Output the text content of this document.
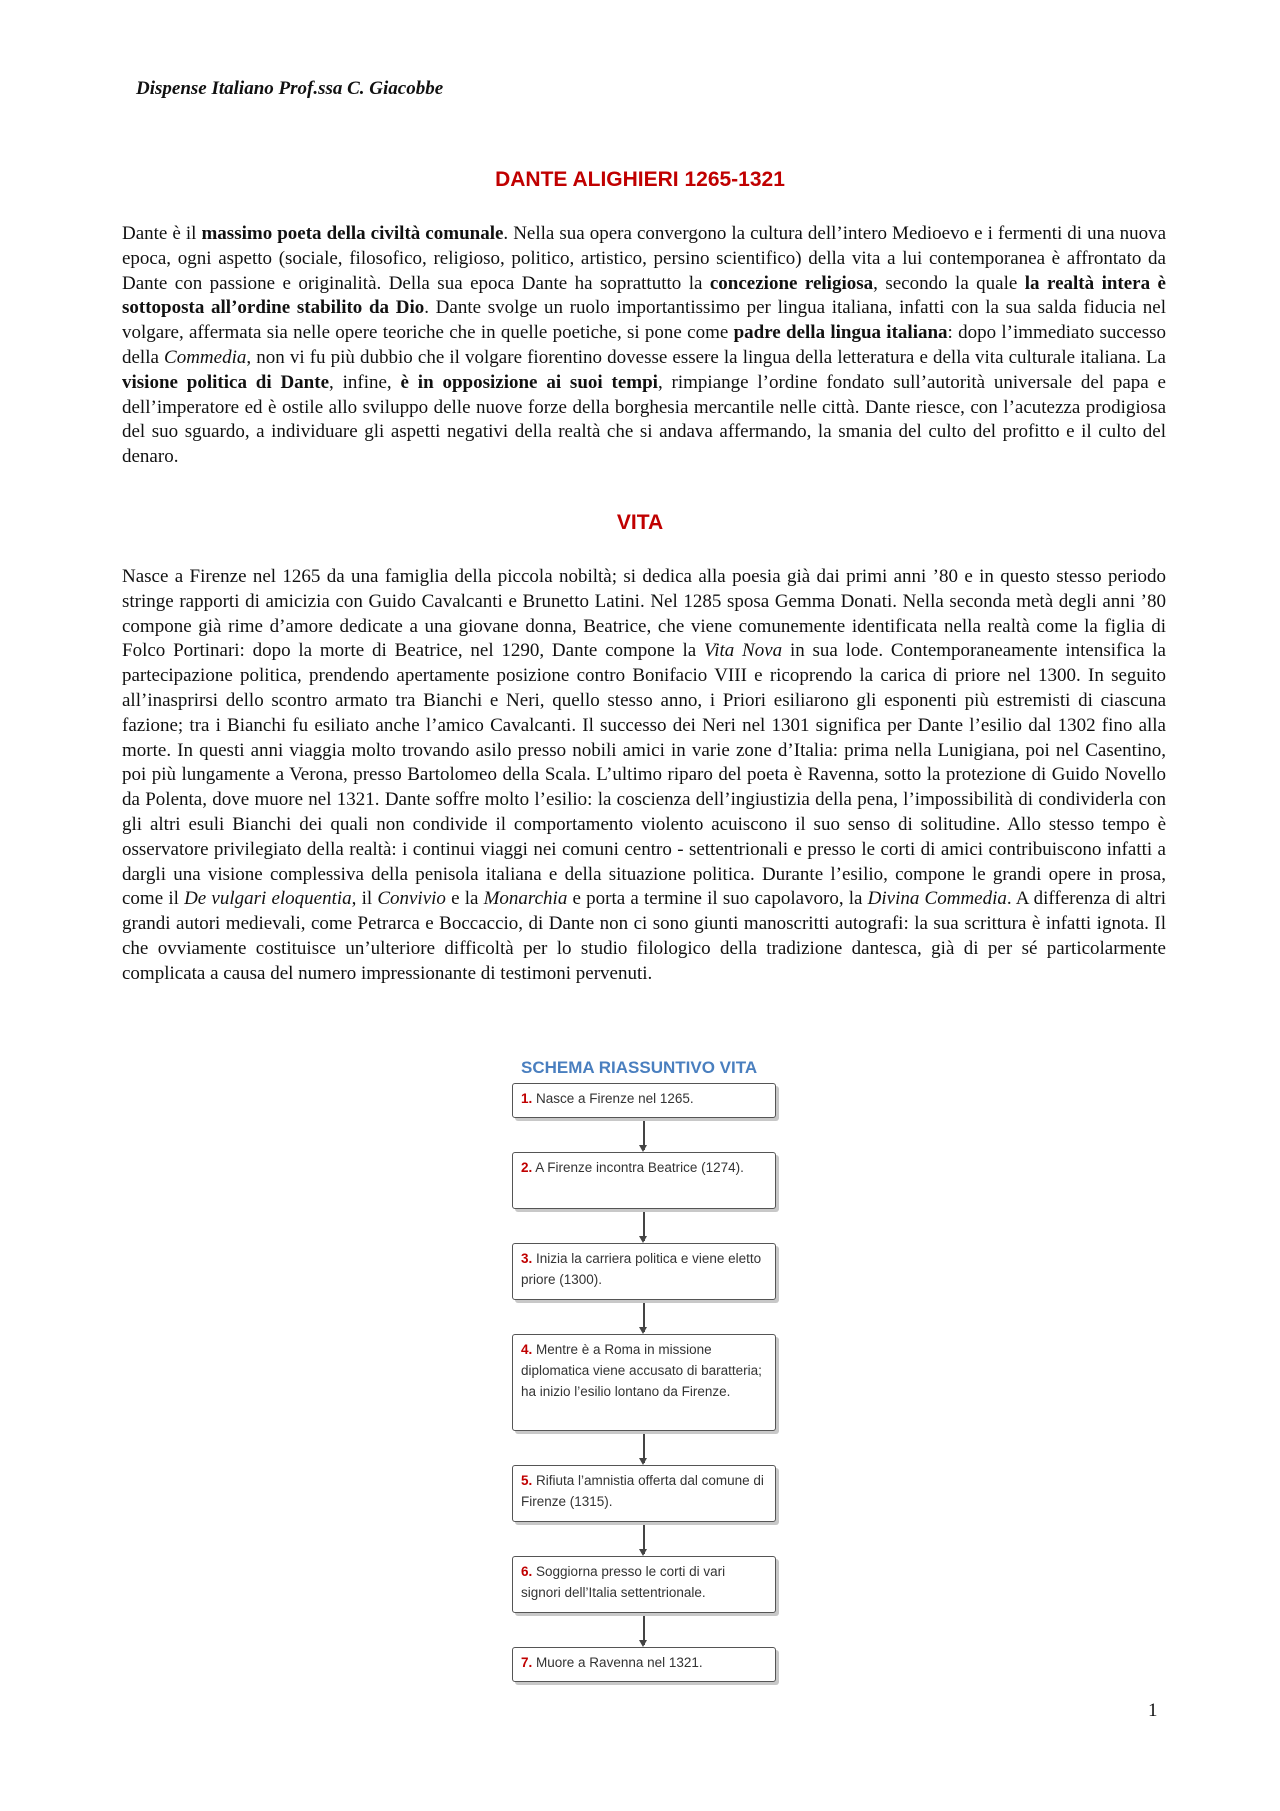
Dispense Italiano Prof.ssa C. Giacobbe
DANTE ALIGHIERI 1265-1321
Dante è il massimo poeta della civiltà comunale. Nella sua opera convergono la cultura dell’intero Medioevo e i fermenti di una nuova epoca, ogni aspetto (sociale, filosofico, religioso, politico, artistico, persino scientifico) della vita a lui contemporanea è affrontato da Dante con passione e originalità. Della sua epoca Dante ha soprattutto la concezione religiosa, secondo la quale la realtà intera è sottoposta all’ordine stabilito da Dio. Dante svolge un ruolo importantissimo per lingua italiana, infatti con la sua salda fiducia nel volgare, affermata sia nelle opere teoriche che in quelle poetiche, si pone come padre della lingua italiana: dopo l’immediato successo della Commedia, non vi fu più dubbio che il volgare fiorentino dovesse essere la lingua della letteratura e della vita culturale italiana. La visione politica di Dante, infine, è in opposizione ai suoi tempi, rimpiange l’ordine fondato sull’autorità universale del papa e dell’imperatore ed è ostile allo sviluppo delle nuove forze della borghesia mercantile nelle città. Dante riesce, con l’acutezza prodigiosa del suo sguardo, a individuare gli aspetti negativi della realtà che si andava affermando, la smania del culto del profitto e il culto del denaro.
VITA
Nasce a Firenze nel 1265 da una famiglia della piccola nobiltà; si dedica alla poesia già dai primi anni ’80 e in questo stesso periodo stringe rapporti di amicizia con Guido Cavalcanti e Brunetto Latini. Nel 1285 sposa Gemma Donati. Nella seconda metà degli anni ’80 compone già rime d’amore dedicate a una giovane donna, Beatrice, che viene comunemente identificata nella realtà come la figlia di Folco Portinari: dopo la morte di Beatrice, nel 1290, Dante compone la Vita Nova in sua lode. Contemporaneamente intensifica la partecipazione politica, prendendo apertamente posizione contro Bonifacio VIII e ricoprendo la carica di priore nel 1300. In seguito all’inasprirsi dello scontro armato tra Bianchi e Neri, quello stesso anno, i Priori esiliarono gli esponenti più estremisti di ciascuna fazione; tra i Bianchi fu esiliato anche l’amico Cavalcanti. Il successo dei Neri nel 1301 significa per Dante l’esilio dal 1302 fino alla morte. In questi anni viaggia molto trovando asilo presso nobili amici in varie zone d’Italia: prima nella Lunigiana, poi nel Casentino, poi più lungamente a Verona, presso Bartolomeo della Scala. L’ultimo riparo del poeta è Ravenna, sotto la protezione di Guido Novello da Polenta, dove muore nel 1321. Dante soffre molto l’esilio: la coscienza dell’ingiustizia della pena, l’impossibilità di condividerla con gli altri esuli Bianchi dei quali non condivide il comportamento violento acuiscono il suo senso di solitudine. Allo stesso tempo è osservatore privilegiato della realtà: i continui viaggi nei comuni centro - settentrionali e presso le corti di amici contribuiscono infatti a dargli una visione complessiva della penisola italiana e della situazione politica. Durante l’esilio, compone le grandi opere in prosa, come il De vulgari eloquentia, il Convivio e la Monarchia e porta a termine il suo capolavoro, la Divina Commedia. A differenza di altri grandi autori medievali, come Petrarca e Boccaccio, di Dante non ci sono giunti manoscritti autografi: la sua scrittura è infatti ignota. Il che ovviamente costituisce un’ulteriore difficoltà per lo studio filologico della tradizione dantesca, già di per sé particolarmente complicata a causa del numero impressionante di testimoni pervenuti.
SCHEMA RIASSUNTIVO VITA
1. Nasce a Firenze nel 1265.
2. A Firenze incontra Beatrice (1274).
3. Inizia la carriera politica e viene eletto priore (1300).
4. Mentre è a Roma in missione diplomatica viene accusato di baratteria; ha inizio l’esilio lontano da Firenze.
5. Rifiuta l’amnistia offerta dal comune di Firenze (1315).
6. Soggiorna presso le corti di vari signori dell’Italia settentrionale.
7. Muore a Ravenna nel 1321.
1
